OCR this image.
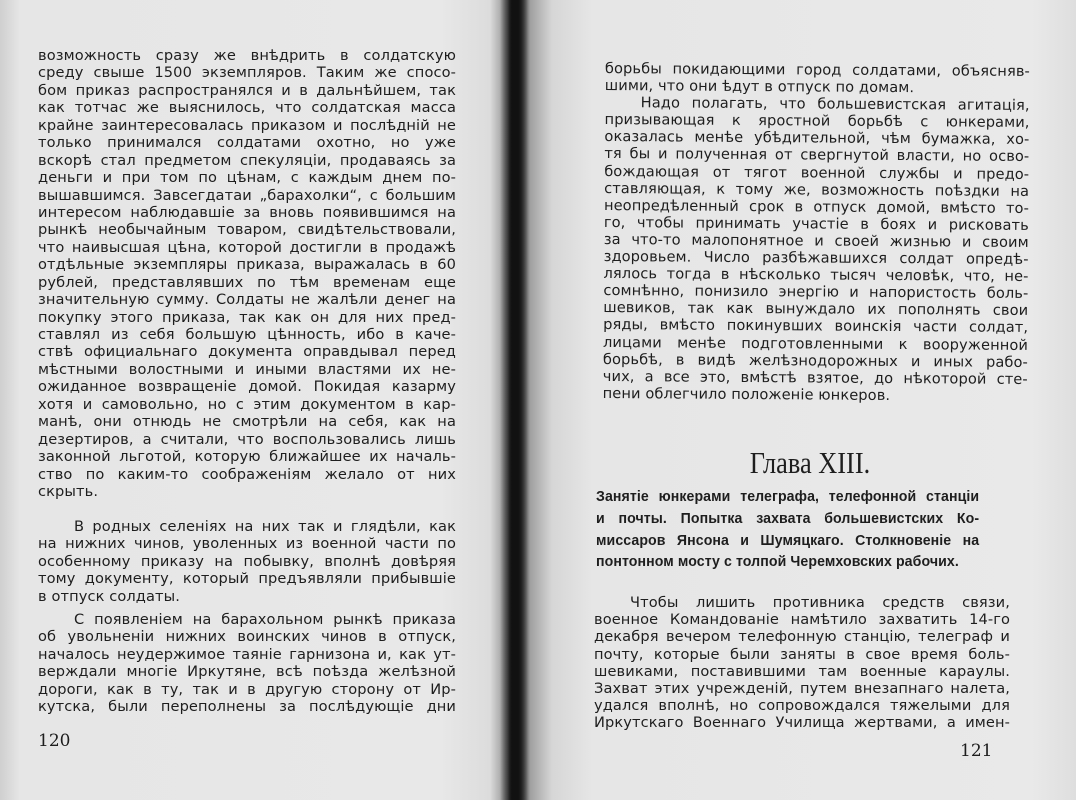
возможность сразу же внѣдрить в солдатскую
среду свыше 1500 экземпляров. Таким же спосо-
бом приказ распространялся и в дальнѣйшем, так
как тотчас же выяснилось, что солдатская масса
крайне заинтересовалась приказом и послѣднiй не
только принимался солдатами охотно, но уже
вскорѣ стал предметом спекуляцiи, продаваясь за
деньги и при том по цѣнам, с каждым днем по-
вышавшимся. Завсегдатаи „барахолки“, с большим
интересом наблюдавшiе за вновь появившимся на
рынкѣ необычайным товаром, свидѣтельствовали,
что наивысшая цѣна, которой достигли в продажѣ
отдѣльные экземпляры приказа, выражалась в 60
рублей, представлявших по тѣм временам еще
значительную сумму. Солдаты не жалѣли денег на
покупку этого приказа, так как он для них пред-
ставлял из себя большую цѣнность, ибо в каче-
ствѣ официальнаго документа оправдывал перед
мѣстными волостными и иными властями их не-
ожиданное возвращенiе домой. Покидая казарму
хотя и самовольно, но с этим документом в кар-
манѣ, они отнюдь не смотрѣли на себя, как на
дезертиров, а считали, что воспользовались лишь
законной льготой, которую ближайшее их началь-
ство по каким-то соображенiям желало от них
скрыть.
В родных селенiях на них так и глядѣли, как
на нижних чинов, уволенных из военной части по
особенному приказу на побывку, вполнѣ довѣряя
тому документу, который предъявляли прибывшiе
в отпуск солдаты.
С появленiем на барахольном рынкѣ приказа
об увольненiи нижних воинских чинов в отпуск,
началось неудержимое таянiе гарнизона и, как ут-
верждали многiе Иркутяне, всѣ поѣзда желѣзной
дороги, как в ту, так и в другую сторону от Ир-
кутска, были переполнены за послѣдующiе дни
120
борьбы покидающими город солдатами, объясняв-
шими, что они ѣдут в отпуск по домам.
Надо полагать, что большевистская агитацiя,
призывающая к яростной борьбѣ с юнкерами,
оказалась менѣе убѣдительной, чѣм бумажка, хо-
тя бы и полученная от свергнутой власти, но осво-
бождающая от тягот военной службы и предо-
ставляющая, к тому же, возможность поѣздки на
неопредѣленный срок в отпуск домой, вмѣсто то-
го, чтобы принимать участiе в боях и рисковать
за что-то малопонятное и своей жизнью и своим
здоровьем. Число разбѣжавшихся солдат опредѣ-
лялось тогда в нѣсколько тысяч человѣк, что, не-
сомнѣнно, понизило энергiю и напористость боль-
шевиков, так как вынуждало их пополнять свои
ряды, вмѣсто покинувших воинскiя части солдат,
лицами менѣе подготовленными к вооруженной
борьбѣ, в видѣ желѣзнодорожных и иных рабо-
чих, а все это, вмѣстѣ взятое, до нѣкоторой сте-
пени облегчило положенiе юнкеров.
Глава XIII.
Занятiе юнкерами телеграфа, телефонной станцiи
и почты. Попытка захвата большевистских Ко-
миссаров Янсона и Шумяцкаго. Столкновенiе на
понтонном мосту с толпой Черемховских рабочих.
Чтобы лишить противника средств связи,
военное Командованiе намѣтило захватить 14-го
декабря вечером телефонную станцiю, телеграф и
почту, которые были заняты в свое время боль-
шевиками, поставившими там военные караулы.
Захват этих учрежденiй, путем внезапнаго налета,
удался вполнѣ, но сопровождался тяжелыми для
Иркутскаго Военнаго Училища жертвами, а имен-
121
